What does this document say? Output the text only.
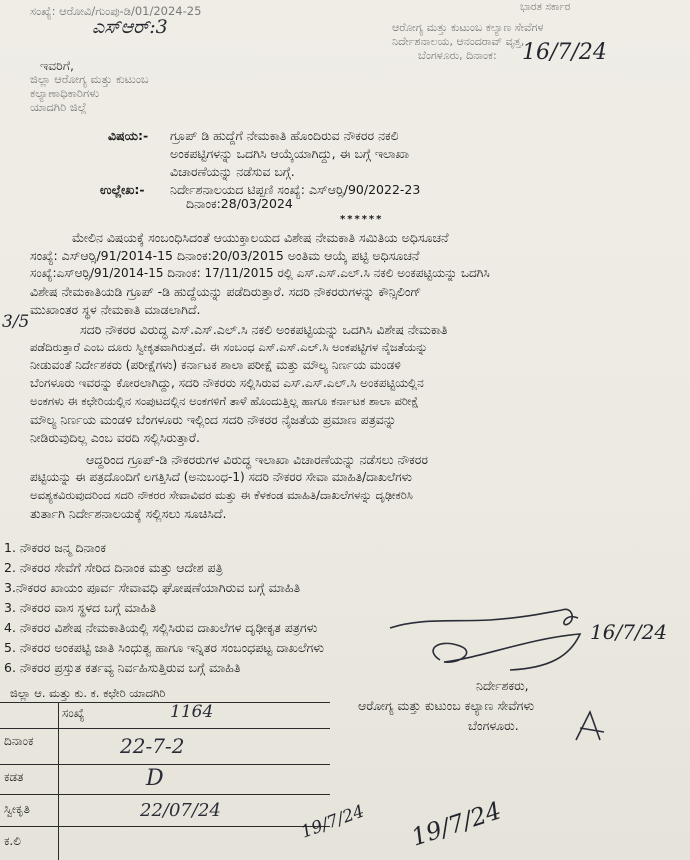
ಸಂಖ್ಯೆ: ಆರೋವಿ/ಗುಂಪು-ಡಿ/01/2024-25
ಎಸ್‍ಆರ್:3
ಭಾರತ ಸರ್ಕಾರ
ಆರೋಗ್ಯ ಮತ್ತು ಕುಟುಂಬ ಕಲ್ಯಾಣ ಸೇವೆಗಳ
ನಿರ್ದೇಶನಾಲಯ, ಆನಂದರಾವ್ ವೃತ್ತ,
ಬೆಂಗಳೂರು, ದಿನಾಂಕ: 16/7/24
ಇವರಿಗೆ,
ಜಿಲ್ಲಾ ಆರೋಗ್ಯ ಮತ್ತು ಕುಟುಂಬ
ಕಲ್ಯಾಣಾಧಿಕಾರಿಗಳು
ಯಾದಗಿರಿ ಜಿಲ್ಲೆ
ವಿಷಯ:- ಗ್ರೂಪ್ ಡಿ ಹುದ್ದೆಗೆ ನೇಮಕಾತಿ ಹೊಂದಿರುವ ನೌಕರರ ನಕಲಿ
ಅಂಕಪಟ್ಟಿಗಳನ್ನು ಒದಗಿಸಿ ಆಯ್ಕೆಯಾಗಿದ್ದು, ಈ ಬಗ್ಗೆ ಇಲಾಖಾ
ವಿಚಾರಣೆಯನ್ನು ನಡೆಸುವ ಬಗ್ಗೆ.
ಉಲ್ಲೇಖ:- ನಿರ್ದೇಶನಾಲಯದ ಟಿಪ್ಪಣಿ ಸಂಖ್ಯೆ: ಎಸ್‍ಆರ್‍ಸಿ/90/2022-23
ದಿನಾಂಕ:28/03/2024
******
ಮೇಲಿನ ವಿಷಯಕ್ಕೆ ಸಂಬಂಧಿಸಿದಂತೆ ಆಯುಕ್ತಾಲಯದ ವಿಶೇಷ ನೇಮಕಾತಿ ಸಮಿತಿಯ ಅಧಿಸೂಚನೆ
ಸಂಖ್ಯೆ: ಎಸ್‍ಆರ್‍ಸಿ/91/2014-15 ದಿನಾಂಕ:20/03/2015 ಅಂತಿಮ ಆಯ್ಕೆ ಪಟ್ಟಿ ಅಧಿಸೂಚನೆ
ಸಂಖ್ಯೆ:ಎಸ್‍ಆರ್‍ಸಿ/91/2014-15 ದಿನಾಂಕ: 17/11/2015 ರಲ್ಲಿ ಎಸ್.ಎಸ್.ಎಲ್.ಸಿ ನಕಲಿ ಅಂಕಪಟ್ಟಿಯನ್ನು ಒದಗಿಸಿ
ವಿಶೇಷ ನೇಮಕಾತಿಯಡಿ ಗ್ರೂಪ್ -ಡಿ ಹುದ್ದೆಯನ್ನು ಪಡೆದಿರುತ್ತಾರೆ. ಸದರಿ ನೌಕರರುಗಳನ್ನು ಕೌನ್ಸಿಲಿಂಗ್
ಮುಖಾಂತರ ಸ್ಥಳ ನೇಮಕಾತಿ ಮಾಡಲಾಗಿದೆ.
3/5	ಸದರಿ ನೌಕರರ ವಿರುದ್ಧ ಎಸ್.ಎಸ್.ಎಲ್.ಸಿ ನಕಲಿ ಅಂಕಪಟ್ಟಿಯನ್ನು ಒದಗಿಸಿ ವಿಶೇಷ ನೇಮಕಾತಿ
ಪಡೆದಿರುತ್ತಾರೆ ಎಂಬ ದೂರು ಸ್ವೀಕೃತವಾಗಿರುತ್ತದೆ. ಈ ಸಂಬಂಧ ಎಸ್.ಎಸ್.ಎಲ್.ಸಿ ಅಂಕಪಟ್ಟಿಗಳ ನೈಜತೆಯನ್ನು
ನೀಡುವಂತೆ ನಿರ್ದೇಶಕರು (ಪರೀಕ್ಷೆಗಳು) ಕರ್ನಾಟಕ ಶಾಲಾ ಪರೀಕ್ಷೆ ಮತ್ತು ಮೌಲ್ಯ ನಿರ್ಣಯ ಮಂಡಳಿ
ಬೆಂಗಳೂರು ಇವರನ್ನು ಕೋರಲಾಗಿದ್ದು, ಸದರಿ ನೌಕರರು ಸಲ್ಲಿಸಿರುವ ಎಸ್.ಎಸ್.ಎಲ್.ಸಿ ಅಂಕಪಟ್ಟಿಯಲ್ಲಿನ
ಅಂಕಗಳು ಈ ಕಛೇರಿಯಲ್ಲಿನ ಸಂಪುಟದಲ್ಲಿನ ಅಂಕಗಳಿಗೆ ತಾಳೆ ಹೊಂದುತ್ತಿಲ್ಲ ಹಾಗೂ ಕರ್ನಾಟಕ ಶಾಲಾ ಪರೀಕ್ಷೆ
ಮೌಲ್ಯ ನಿರ್ಣಯ ಮಂಡಳಿ ಬೆಂಗಳೂರು ಇಲ್ಲಿಂದ ಸದರಿ ನೌಕರರ ನೈಜತೆಯ ಪ್ರಮಾಣ ಪತ್ರವನ್ನು
ನೀಡಿರುವುದಿಲ್ಲ ಎಂಬ ವರದಿ ಸಲ್ಲಿಸಿರುತ್ತಾರೆ.
ಆದ್ದರಿಂದ ಗ್ರೂಪ್-ಡಿ ನೌಕರರುಗಳ ವಿರುದ್ಧ ಇಲಾಖಾ ವಿಚಾರಣೆಯನ್ನು ನಡೆಸಲು ನೌಕರರ
ಪಟ್ಟಿಯನ್ನು ಈ ಪತ್ರದೊಂದಿಗೆ ಲಗತ್ತಿಸಿದೆ (ಅನುಬಂಧ-1) ಸದರಿ ನೌಕರರ ಸೇವಾ ಮಾಹಿತಿ/ದಾಖಲೆಗಳು
ಅವಶ್ಯಕವಿರುವುದರಿಂದ ಸದರಿ ನೌಕರರ ಸೇವಾವಿವರ ಮತ್ತು ಈ ಕೆಳಕಂಡ ಮಾಹಿತಿ/ದಾಖಲೆಗಳನ್ನು ದೃಢೀಕರಿಸಿ
ತುರ್ತಾಗಿ ನಿರ್ದೇಶನಾಲಯಕ್ಕೆ ಸಲ್ಲಿಸಲು ಸೂಚಿಸಿದೆ.
1. ನೌಕರರ ಜನ್ಮ ದಿನಾಂಕ
2. ನೌಕರರ ಸೇವೆಗೆ ಸೇರಿದ ದಿನಾಂಕ ಮತ್ತು ಆದೇಶ ಪತ್ರಿ
3.ನೌಕರರ ಖಾಯಂ ಪೂರ್ವ ಸೇವಾವಧಿ ಘೋಷಣೆಯಾಗಿರುವ ಬಗ್ಗೆ ಮಾಹಿತಿ
3. ನೌಕರರ ವಾಸ ಸ್ಥಳದ ಬಗ್ಗೆ ಮಾಹಿತಿ
4. ನೌಕರರ ವಿಶೇಷ ನೇಮಕಾತಿಯಲ್ಲಿ ಸಲ್ಲಿಸಿರುವ ದಾಖಲೆಗಳ ದೃಢೀಕೃತ ಪತ್ರಗಳು
5. ನೌಕರರ ಅಂಕಪಟ್ಟಿ ಜಾತಿ ಸಿಂಧುತ್ವ ಹಾಗೂ ಇನ್ನಿತರ ಸಂಬಂಧಪಟ್ಟ ದಾಖಲೆಗಳು
6. ನೌಕರರ ಪ್ರಸ್ತುತ ಕರ್ತವ್ಯ ನಿರ್ವಹಿಸುತ್ತಿರುವ ಬಗ್ಗೆ ಮಾಹಿತಿ
16/7/24
ನಿರ್ದೇಶಕರು,
ಆರೋಗ್ಯ ಮತ್ತು ಕುಟುಂಬ ಕಲ್ಯಾಣ ಸೇವೆಗಳು
ಬೆಂಗಳೂರು.
ಜಿಲ್ಲಾ ಆ. ಮತ್ತು ಕು. ಕ. ಕಛೇರಿ ಯಾದಗಿರಿ
ಸಂಖ್ಯೆ	1164
ದಿನಾಂಕ	22-7-2
ಕಡತ	D
ಸ್ವೀಕೃತಿ	22/07/24
ಕ.ಲಿ	19/7/24 19/7/24
